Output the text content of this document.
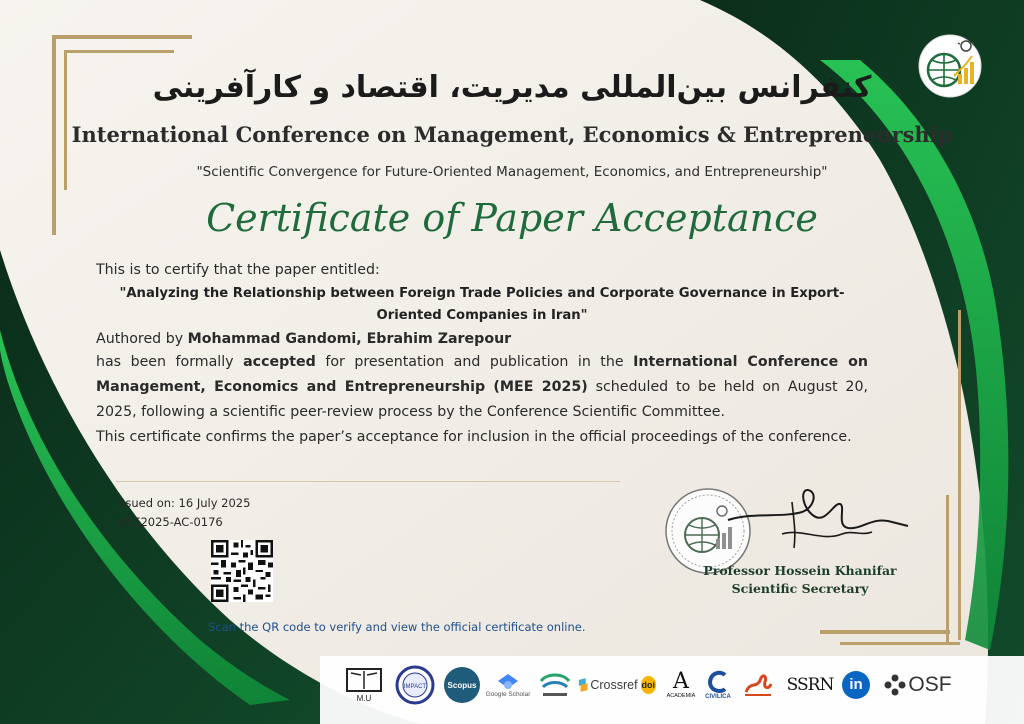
کنفرانس بین‌المللی مدیریت، اقتصاد و کارآفرینی
International Conference on Management, Economics & Entrepreneurship
"Scientific Convergence for Future-Oriented Management, Economics, and Entrepreneurship"
Certificate of Paper Acceptance
This is to certify that the paper entitled:
"Analyzing the Relationship between Foreign Trade Policies and Corporate Governance in Export-Oriented Companies in Iran"
Authored by Mohammad Gandomi, Ebrahim Zarepour
has been formally accepted for presentation and publication in the International Conference on Management, Economics and Entrepreneurship (MEE 2025) scheduled to be held on August 20, 2025, following a scientific peer-review process by the Conference Scientific Committee.
This certificate confirms the paper’s acceptance for inclusion in the official proceedings of the conference.
Issued on: 16 July 2025
MEE2025-AC-0176
Scan the QR code to verify and view the official certificate online.
Professor Hossein Khanifar
Scientific Secretary
M.U
IMPACT	Scopus
Google Scholar
Crossref doi A
ACADEMIA CIVILICA
SSRN	in	OSF
